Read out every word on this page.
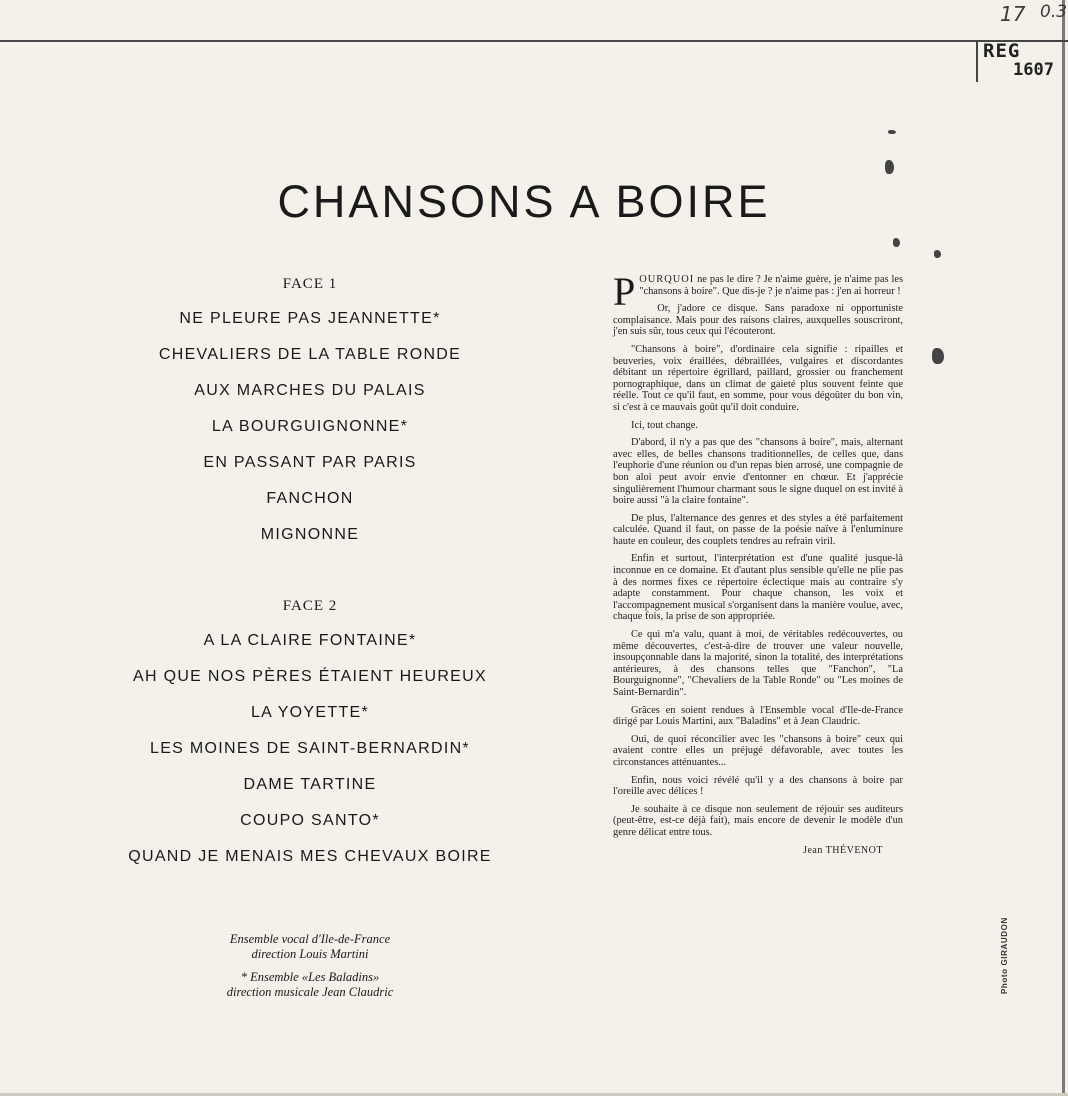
17 0.3
REG
1607
CHANSONS A BOIRE

FACE 1

NE PLEURE PAS JEANNETTE*

CHEVALIERS DE LA TABLE RONDE

AUX MARCHES DU PALAIS

LA BOURGUIGNONNE*

EN PASSANT PAR PARIS

FANCHON

MIGNONNE

FACE 2

A LA CLAIRE FONTAINE*

AH QUE NOS PÈRES ÉTAIENT HEUREUX

LA YOYETTE*

LES MOINES DE SAINT-BERNARDIN*

DAME TARTINE

COUPO SANTO*

QUAND JE MENAIS MES CHEVAUX BOIRE

Ensemble vocal d'Ile-de-France

direction Louis Martini

* Ensemble «Les Baladins»

direction musicale Jean Claudric

POURQUOI ne pas le dire ? Je n'aime guère, je n'aime pas les "chansons à boire". Que dis-je ? je n'aime pas : j'en ai horreur !

Or, j'adore ce disque. Sans paradoxe ni opportuniste complaisance. Mais pour des raisons claires, auxquelles souscriront, j'en suis sûr, tous ceux qui l'écouteront.

"Chansons à boire", d'ordinaire cela signifie : ripailles et beuveries, voix éraillées, débraillées, vulgaires et discordantes débitant un répertoire égrillard, paillard, grossier ou franchement pornographique, dans un climat de gaieté plus souvent feinte que réelle. Tout ce qu'il faut, en somme, pour vous dégoûter du bon vin, si c'est à ce mauvais goût qu'il doit conduire.

Ici, tout change.

D'abord, il n'y a pas que des "chansons à boire", mais, alternant avec elles, de belles chansons traditionnelles, de celles que, dans l'euphorie d'une réunion ou d'un repas bien arrosé, une compagnie de bon aloi peut avoir envie d'entonner en chœur. Et j'apprécie singulièrement l'humour charmant sous le signe duquel on est invité à boire aussi "à la claire fontaine".

De plus, l'alternance des genres et des styles a été parfaitement calculée. Quand il faut, on passe de la poésie naïve à l'enluminure haute en couleur, des couplets tendres au refrain viril.

Enfin et surtout, l'interprétation est d'une qualité jusque-là inconnue en ce domaine. Et d'autant plus sensible qu'elle ne plie pas à des normes fixes ce répertoire éclectique mais au contraire s'y adapte constamment. Pour chaque chanson, les voix et l'accompagnement musical s'organisent dans la manière voulue, avec, chaque fois, la prise de son appropriée.

Ce qui m'a valu, quant à moi, de véritables redécouvertes, ou même découvertes, c'est-à-dire de trouver une valeur nouvelle, insoupçonnable dans la majorité, sinon la totalité, des interprétations antérieures, à des chansons telles que "Fanchon", "La Bourguignonne", "Chevaliers de la Table Ronde" ou "Les moines de Saint-Bernardin".

Grâces en soient rendues à l'Ensemble vocal d'Ile-de-France dirigé par Louis Martini, aux "Baladins" et à Jean Claudric.

Oui, de quoi réconcilier avec les "chansons à boire" ceux qui avaient contre elles un préjugé défavorable, avec toutes les circonstances atténuantes...

Enfin, nous voici révélé qu'il y a des chansons à boire par l'oreille avec délices !

Je souhaite à ce disque non seulement de réjouir ses auditeurs (peut-être, est-ce déjà fait), mais encore de devenir le modèle d'un genre délicat entre tous.

Jean THÉVENOT

Photo GIRAUDON
